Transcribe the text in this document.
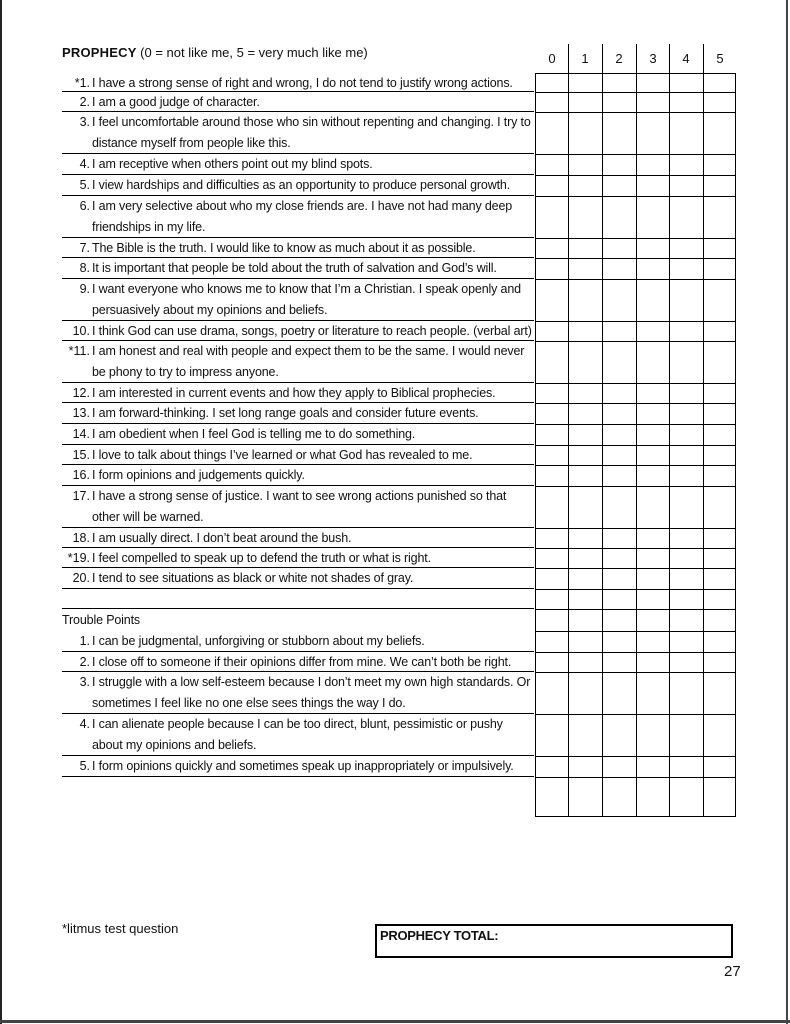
PROPHECY (0 = not like me, 5 = very much like me)	0	1	2	3	4	5
*1. I have a strong sense of right and wrong, I do not tend to justify wrong actions.
2. I am a good judge of character.
3. I feel uncomfortable around those who sin without repenting and changing. I try to distance myself from people like this.
4. I am receptive when others point out my blind spots.
5. I view hardships and difficulties as an opportunity to produce personal growth.
6. I am very selective about who my close friends are. I have not had many deep friendships in my life.
7. The Bible is the truth. I would like to know as much about it as possible.
8. It is important that people be told about the truth of salvation and God’s will.
9. I want everyone who knows me to know that I’m a Christian. I speak openly and persuasively about my opinions and beliefs.
10. I think God can use drama, songs, poetry or literature to reach people. (verbal art)
*11. I am honest and real with people and expect them to be the same. I would never be phony to try to impress anyone.
12. I am interested in current events and how they apply to Biblical prophecies.
13. I am forward-thinking. I set long range goals and consider future events.
14. I am obedient when I feel God is telling me to do something.
15. I love to talk about things I’ve learned or what God has revealed to me.
16. I form opinions and judgements quickly.
17. I have a strong sense of justice. I want to see wrong actions punished so that other will be warned.
18. I am usually direct. I don’t beat around the bush.
*19. I feel compelled to speak up to defend the truth or what is right.
20. I tend to see situations as black or white not shades of gray.
Trouble Points
1. I can be judgmental, unforgiving or stubborn about my beliefs.
2. I close off to someone if their opinions differ from mine. We can’t both be right.
3. I struggle with a low self-esteem because I don’t meet my own high standards. Or sometimes I feel like no one else sees things the way I do.
4. I can alienate people because I can be too direct, blunt, pessimistic or pushy about my opinions and beliefs.
5. I form opinions quickly and sometimes speak up inappropriately or impulsively.
*litmus test question	PROPHECY TOTAL:
27
